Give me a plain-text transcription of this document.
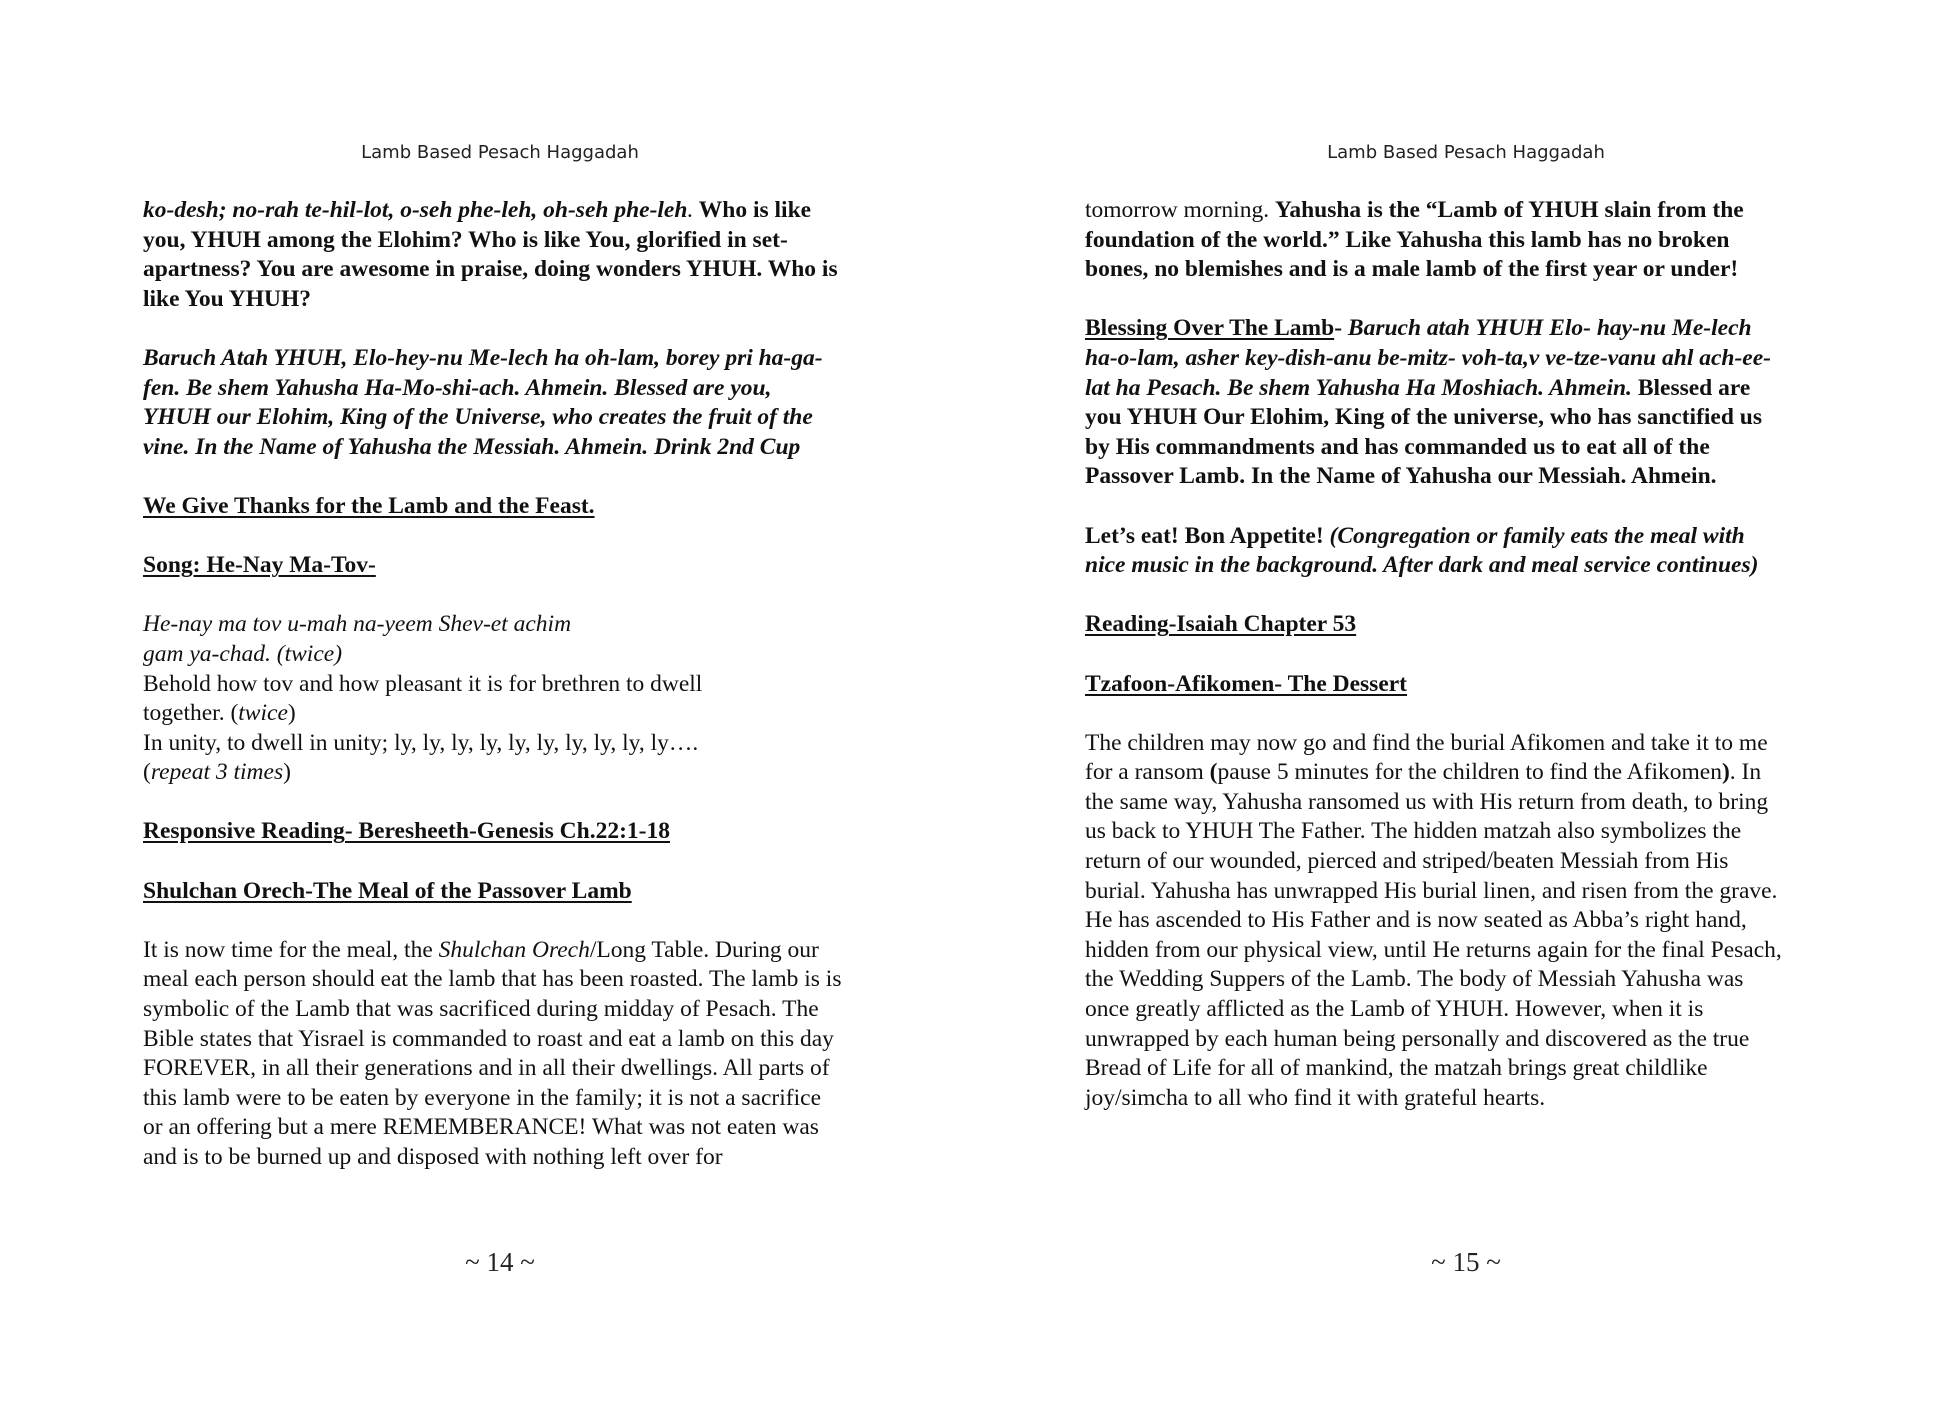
Lamb Based Pesach Haggadah

ko-desh; no-rah te-hil-lot, o-seh phe-leh, oh-seh phe-leh. Who is like you, YHUH among the Elohim? Who is like You, glorified in set-apartness? You are awesome in praise, doing wonders YHUH. Who is like You YHUH?

Baruch Atah YHUH, Elo-hey-nu Me-lech ha oh-lam, borey pri ha-ga-fen. Be shem Yahusha Ha-Mo-shi-ach. Ahmein. Blessed are you, YHUH our Elohim, King of the Universe, who creates the fruit of the vine. In the Name of Yahusha the Messiah. Ahmein. Drink 2nd Cup

We Give Thanks for the Lamb and the Feast.

Song: He-Nay Ma-Tov-

He-nay ma tov u-mah na-yeem Shev-et achim
gam ya-chad. (twice)
Behold how tov and how pleasant it is for brethren to dwell
together. (twice)
In unity, to dwell in unity; ly, ly, ly, ly, ly, ly, ly, ly, ly, ly….
(repeat 3 times)

Responsive Reading- Beresheeth-Genesis Ch.22:1-18

Shulchan Orech-The Meal of the Passover Lamb

It is now time for the meal, the Shulchan Orech/Long Table. During our meal each person should eat the lamb that has been roasted. The lamb is is symbolic of the Lamb that was sacrificed during midday of Pesach. The Bible states that Yisrael is commanded to roast and eat a lamb on this day FOREVER, in all their generations and in all their dwellings. All parts of this lamb were to be eaten by everyone in the family; it is not a sacrifice or an offering but a mere REMEMBERANCE! What was not eaten was and is to be burned up and disposed with nothing left over for

~ 14 ~
Lamb Based Pesach Haggadah

tomorrow morning. Yahusha is the “Lamb of YHUH slain from the foundation of the world.” Like Yahusha this lamb has no broken bones, no blemishes and is a male lamb of the first year or under!

Blessing Over The Lamb- Baruch atah YHUH Elo- hay-nu Me-lech ha-o-lam, asher key-dish-anu be-mitz- voh-ta,v ve-tze-vanu ahl ach-ee-lat ha Pesach. Be shem Yahusha Ha Moshiach. Ahmein. Blessed are you YHUH Our Elohim, King of the universe, who has sanctified us by His commandments and has commanded us to eat all of the Passover Lamb. In the Name of Yahusha our Messiah. Ahmein.

Let’s eat! Bon Appetite! (Congregation or family eats the meal with nice music in the background. After dark and meal service continues)

Reading-Isaiah Chapter 53

Tzafoon-Afikomen- The Dessert

The children may now go and find the burial Afikomen and take it to me for a ransom (pause 5 minutes for the children to find the Afikomen). In the same way, Yahusha ransomed us with His return from death, to bring us back to YHUH The Father. The hidden matzah also symbolizes the return of our wounded, pierced and striped/beaten Messiah from His burial. Yahusha has unwrapped His burial linen, and risen from the grave. He has ascended to His Father and is now seated as Abba’s right hand, hidden from our physical view, until He returns again for the final Pesach, the Wedding Suppers of the Lamb. The body of Messiah Yahusha was once greatly afflicted as the Lamb of YHUH. However, when it is unwrapped by each human being personally and discovered as the true Bread of Life for all of mankind, the matzah brings great childlike joy/simcha to all who find it with grateful hearts.

~ 15 ~
